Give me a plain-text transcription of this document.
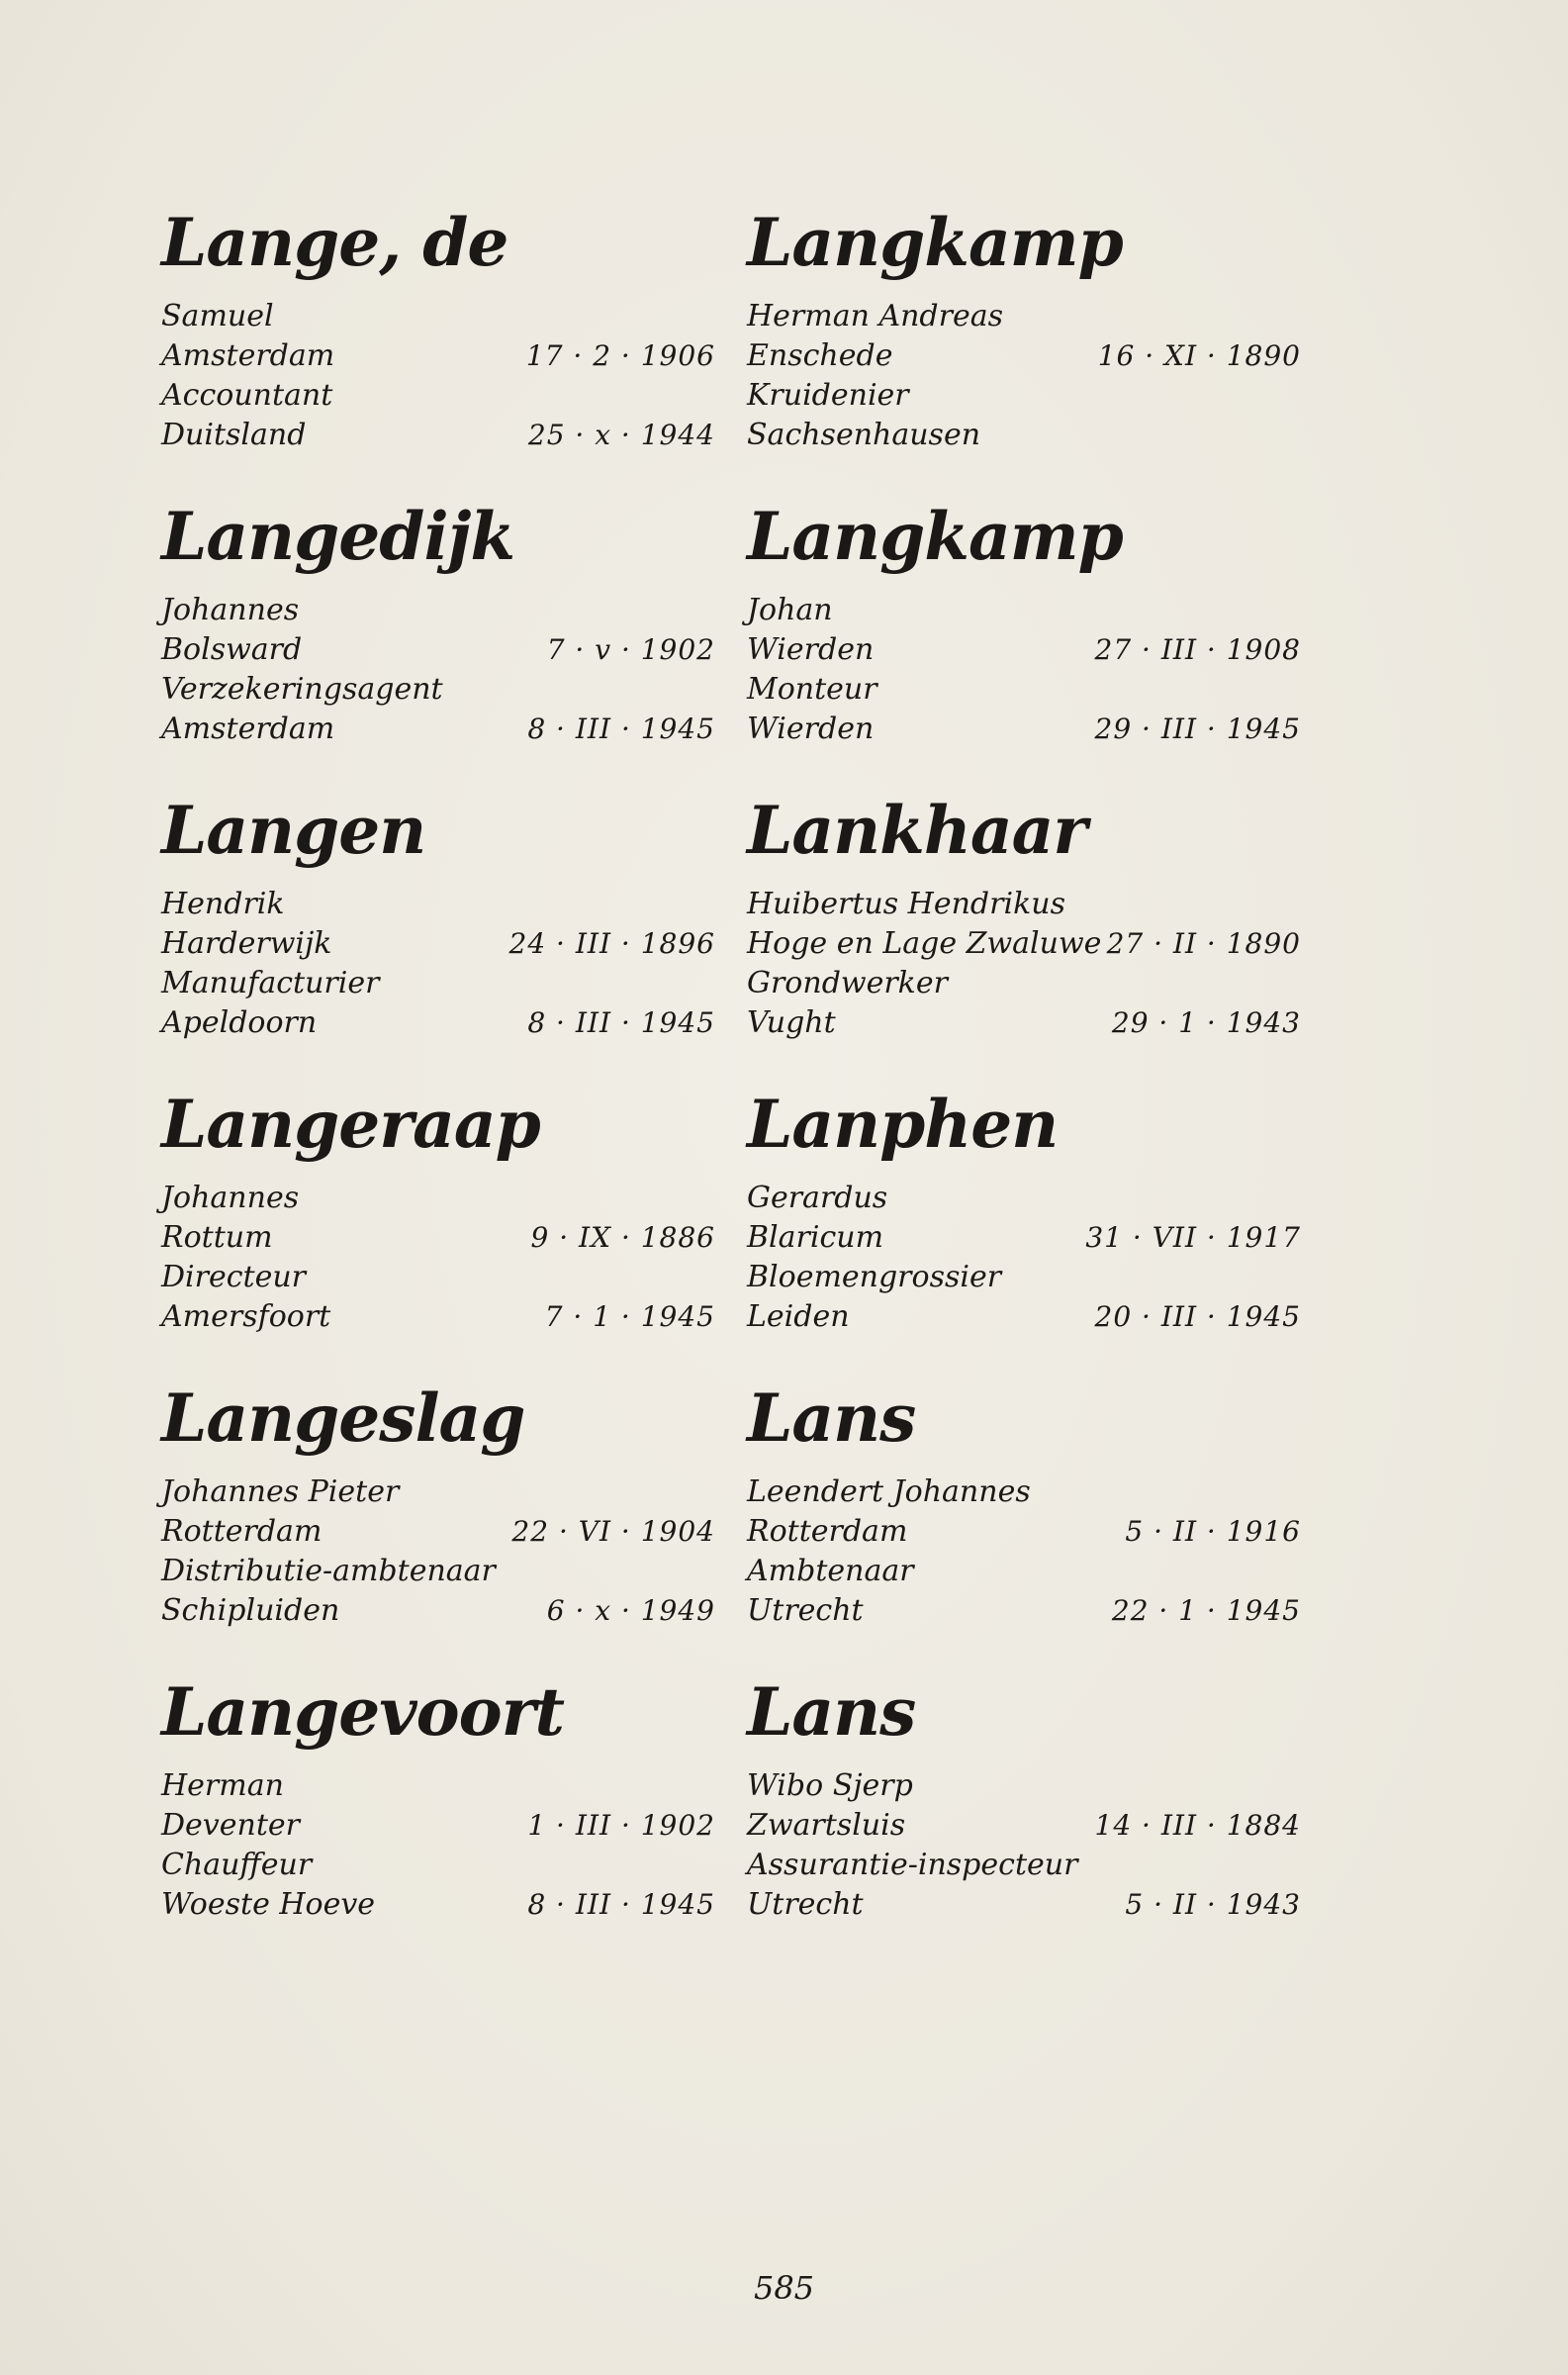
Lange, de
Samuel
Amsterdam	17 · 2 · 1906
Accountant
Duitsland	25 · x · 1944
Langedijk
Johannes
Bolsward	7 · v · 1902
Verzekeringsagent
Amsterdam	8 · III · 1945
Langen
Hendrik
Harderwijk	24 · III · 1896
Manufacturier
Apeldoorn	8 · III · 1945
Langeraap
Johannes
Rottum	9 · IX · 1886
Directeur
Amersfoort	7 · 1 · 1945
Langeslag
Johannes Pieter
Rotterdam	22 · VI · 1904
Distributie-ambtenaar
Schipluiden	6 · x · 1949
Langevoort
Herman
Deventer	1 · III · 1902
Chauffeur
Woeste Hoeve	8 · III · 1945
Langkamp
Herman Andreas
Enschede	16 · XI · 1890
Kruidenier
Sachsenhausen
Langkamp
Johan
Wierden	27 · III · 1908
Monteur
Wierden	29 · III · 1945
Lankhaar
Huibertus Hendrikus
Hoge en Lage Zwaluwe 27 · II · 1890
Grondwerker
Vught	29 · 1 · 1943
Lanphen
Gerardus
Blaricum	31 · VII · 1917
Bloemengrossier
Leiden	20 · III · 1945
Lans
Leendert Johannes
Rotterdam	5 · II · 1916
Ambtenaar
Utrecht	22 · 1 · 1945
Lans
Wibo Sjerp
Zwartsluis	14 · III · 1884
Assurantie-inspecteur
Utrecht	5 · II · 1943
585
